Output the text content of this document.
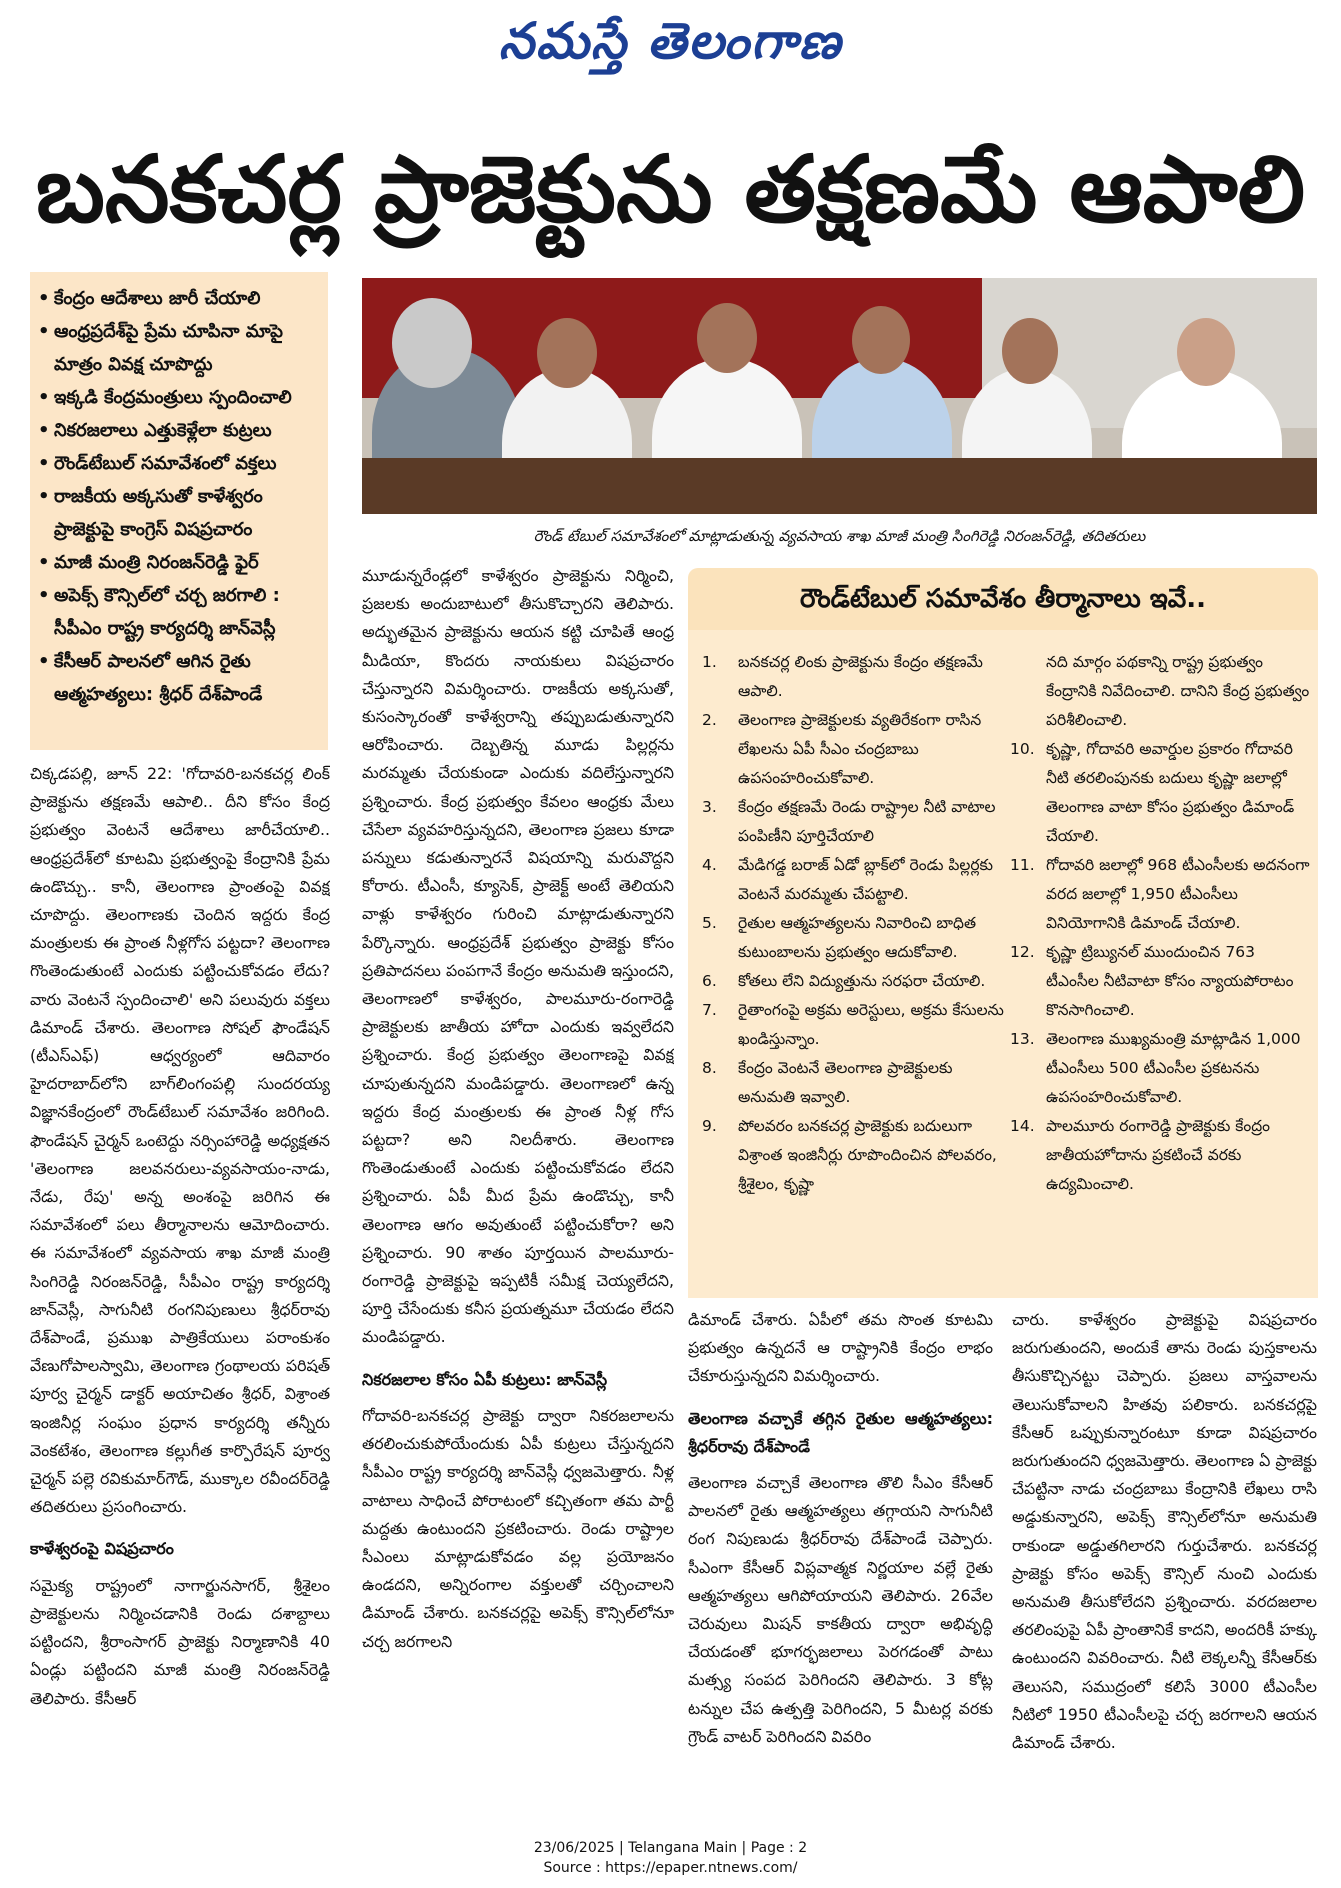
నమస్తే తెలంగాణ
బనకచర్ల ప్రాజెక్టును తక్షణమే ఆపాలి
• కేంద్రం ఆదేశాలు జారీ చేయాలి
• ఆంధ్రప్రదేశ్‌పై ప్రేమ చూపినా మాపై మాత్రం వివక్ష చూపొద్దు
• ఇక్కడి కేంద్రమంత్రులు స్పందించాలి
• నికరజలాలు ఎత్తుకెళ్లేలా కుట్రలు
• రౌండ్‌టేబుల్ సమావేశంలో వక్తలు
• రాజకీయ అక్కసుతో కాళేశ్వరం ప్రాజెక్టుపై కాంగ్రెస్ విషప్రచారం
• మాజీ మంత్రి నిరంజన్‌రెడ్డి ఫైర్
• అపెక్స్ కౌన్సిల్‌లో చర్చ జరగాలి : సీపీఎం రాష్ట్ర కార్యదర్శి జాన్‌వెస్లీ
• కేసీఆర్ పాలనలో ఆగిన రైతు ఆత్మహత్యలు: శ్రీధర్ దేశ్‌పాండే
రౌండ్ టేబుల్ సమావేశంలో మాట్లాడుతున్న వ్యవసాయ శాఖ మాజీ మంత్రి సింగిరెడ్డి నిరంజన్‌రెడ్డి, తదితరులు
రౌండ్‌టేబుల్ సమావేశం తీర్మానాలు ఇవే..
1.	బనకచర్ల లింకు ప్రాజెక్టును కేంద్రం తక్షణమే ఆపాలి.
2.	తెలంగాణ ప్రాజెక్టులకు వ్యతిరేకంగా రాసిన లేఖలను ఏపీ సీఎం చంద్రబాబు ఉపసంహరించుకోవాలి.
3.	కేంద్రం తక్షణమే రెండు రాష్ట్రాల నీటి వాటాల పంపిణీని పూర్తిచేయాలి
4.	మేడిగడ్డ బరాజ్ ఏడో బ్లాక్‌లో రెండు పిల్లర్లకు వెంటనే మరమ్మతు చేపట్టాలి.
5.	రైతుల ఆత్మహత్యలను నివారించి బాధిత కుటుంబాలను ప్రభుత్వం ఆదుకోవాలి.
6.	కోతలు లేని విద్యుత్తును సరఫరా చేయాలి.
7.	రైతాంగంపై అక్రమ అరెస్టులు, అక్రమ కేసులను ఖండిస్తున్నాం.
8.	కేంద్రం వెంటనే తెలంగాణ ప్రాజెక్టులకు అనుమతి ఇవ్వాలి.
9.	పోలవరం బనకచర్ల ప్రాజెక్టుకు బదులుగా విశ్రాంత ఇంజినీర్లు రూపొందించిన పోలవరం, శ్రీశైలం, కృష్ణా
నది మార్గం పథకాన్ని రాష్ట్ర ప్రభుత్వం కేంద్రానికి నివేదించాలి. దానిని కేంద్ర ప్రభుత్వం పరిశీలించాలి.
10. కృష్ణా, గోదావరి అవార్డుల ప్రకారం గోదావరి నీటి తరలింపునకు బదులు కృష్ణా జలాల్లో తెలంగాణ వాటా కోసం ప్రభుత్వం డిమాండ్ చేయాలి.
11. గోదావరి జలాల్లో 968 టీఎంసీలకు అదనంగా వరద జలాల్లో 1,950 టీఎంసీలు వినియోగానికి డిమాండ్ చేయాలి.
12. కృష్ణా ట్రిబ్యునల్ ముందుంచిన 763 టీఎంసీల నీటివాటా కోసం న్యాయపోరాటం కొనసాగించాలి.
13. తెలంగాణ ముఖ్యమంత్రి మాట్లాడిన 1,000 టీఎంసీలు 500 టీఎంసీల ప్రకటనను ఉపసంహరించుకోవాలి.
14. పాలమూరు రంగారెడ్డి ప్రాజెక్టుకు కేంద్రం జాతీయహోదాను ప్రకటించే వరకు ఉద్యమించాలి.

చిక్కడపల్లి, జూన్ 22: 'గోదావరి-బనకచర్ల లింక్ ప్రాజెక్టును తక్షణమే ఆపాలి.. దీని కోసం కేంద్ర ప్రభుత్వం వెంటనే ఆదేశాలు జారీచేయాలి.. ఆంధ్రప్రదేశ్‌లో కూటమి ప్రభుత్వంపై కేంద్రానికి ప్రేమ ఉండొచ్చు.. కానీ, తెలంగాణ ప్రాంతంపై వివక్ష చూపొద్దు. తెలంగాణకు చెందిన ఇద్దరు కేంద్ర మంత్రులకు ఈ ప్రాంత నీళ్లగోస పట్టదా? తెలంగాణ గొంతెండుతుంటే ఎందుకు పట్టించుకోవడం లేదు? వారు వెంటనే స్పందించాలి' అని పలువురు వక్తలు డిమాండ్ చేశారు. తెలంగాణ సోషల్ ఫౌండేషన్ (టీఎస్‌ఎఫ్) ఆధ్వర్యంలో ఆదివారం హైదరాబాద్‌లోని బాగ్‌లింగంపల్లి సుందరయ్య విజ్ఞానకేంద్రంలో రౌండ్‌టేబుల్ సమావేశం జరిగింది. ఫౌండేషన్ చైర్మన్ ఒంటెద్దు నర్సింహారెడ్డి అధ్యక్షతన 'తెలంగాణ జలవనరులు-వ్యవసాయం-నాడు, నేడు, రేపు' అన్న అంశంపై జరిగిన ఈ సమావేశంలో పలు తీర్మానాలను ఆమోదించారు. ఈ సమావేశంలో వ్యవసాయ శాఖ మాజీ మంత్రి సింగిరెడ్డి నిరంజన్‌రెడ్డి, సీపీఎం రాష్ట్ర కార్యదర్శి జాన్‌వెస్లీ, సాగునీటి రంగనిపుణులు శ్రీధర్‌రావు దేశ్‌పాండే, ప్రముఖ పాత్రికేయులు పరాంకుశం వేణుగోపాలస్వామి, తెలంగాణ గ్రంథాలయ పరిషత్ పూర్వ చైర్మన్ డాక్టర్ అయాచితం శ్రీధర్, విశ్రాంత ఇంజినీర్ల సంఘం ప్రధాన కార్యదర్శి తన్నీరు వెంకటేశం, తెలంగాణ కల్లుగీత కార్పొరేషన్ పూర్వ చైర్మన్ పల్లె రవికుమార్‌గౌడ్, ముక్కాల రవీందర్‌రెడ్డి తదితరులు ప్రసంగించారు.

కాళేశ్వరంపై విషప్రచారం

సమైక్య రాష్ట్రంలో నాగార్జునసాగర్, శ్రీశైలం ప్రాజెక్టులను నిర్మించడానికి రెండు దశాబ్దాలు పట్టిందని, శ్రీరాంసాగర్ ప్రాజెక్టు నిర్మాణానికి 40 ఏండ్లు పట్టిందని మాజీ మంత్రి నిరంజన్‌రెడ్డి తెలిపారు. కేసీఆర్

మూడున్నరేండ్లలో కాళేశ్వరం ప్రాజెక్టును నిర్మించి, ప్రజలకు అందుబాటులో తీసుకొచ్చారని తెలిపారు. అద్భుతమైన ప్రాజెక్టును ఆయన కట్టి చూపితే ఆంధ్ర మీడియా, కొందరు నాయకులు విషప్రచారం చేస్తున్నారని విమర్శించారు. రాజకీయ అక్కసుతో, కుసంస్కారంతో కాళేశ్వరాన్ని తప్పుబడుతున్నారని ఆరోపించారు. దెబ్బతిన్న మూడు పిల్లర్లను మరమ్మతు చేయకుండా ఎందుకు వదిలేస్తున్నారని ప్రశ్నించారు. కేంద్ర ప్రభుత్వం కేవలం ఆంధ్రకు మేలు చేసేలా వ్యవహరిస్తున్నదని, తెలంగాణ ప్రజలు కూడా పన్నులు కడుతున్నారనే విషయాన్ని మరువొద్దని కోరారు. టీఎంసీ, క్యూసెక్, ప్రాజెక్ట్ అంటే తెలియని వాళ్లు కాళేశ్వరం గురించి మాట్లాడుతున్నారని పేర్కొన్నారు. ఆంధ్రప్రదేశ్ ప్రభుత్వం ప్రాజెక్టు కోసం ప్రతిపాదనలు పంపగానే కేంద్రం అనుమతి ఇస్తుందని, తెలంగాణలో కాళేశ్వరం, పాలమూరు-రంగారెడ్డి ప్రాజెక్టులకు జాతీయ హోదా ఎందుకు ఇవ్వలేదని ప్రశ్నించారు. కేంద్ర ప్రభుత్వం తెలంగాణపై వివక్ష చూపుతున్నదని మండిపడ్డారు. తెలంగాణలో ఉన్న ఇద్దరు కేంద్ర మంత్రులకు ఈ ప్రాంత నీళ్ల గోస పట్టదా? అని నిలదీశారు. తెలంగాణ గొంతెండుతుంటే ఎందుకు పట్టించుకోవడం లేదని ప్రశ్నించారు. ఏపీ మీద ప్రేమ ఉండొచ్చు, కానీ తెలంగాణ ఆగం అవుతుంటే పట్టించుకోరా? అని ప్రశ్నించారు. 90 శాతం పూర్తయిన పాలమూరు-రంగారెడ్డి ప్రాజెక్టుపై ఇప్పటికీ సమీక్ష చెయ్యలేదని, పూర్తి చేసేందుకు కనీస ప్రయత్నమూ చేయడం లేదని మండిపడ్డారు.

నికరజలాల కోసం ఏపీ కుట్రలు: జాన్‌వెస్లీ

గోదావరి-బనకచర్ల ప్రాజెక్టు ద్వారా నికరజలాలను తరలించుకుపోయేందుకు ఏపీ కుట్రలు చేస్తున్నదని సీపీఎం రాష్ట్ర కార్యదర్శి జాన్‌వెస్లీ ధ్వజమెత్తారు. నీళ్ల వాటాలు సాధించే పోరాటంలో కచ్చితంగా తమ పార్టీ మద్దతు ఉంటుందని ప్రకటించారు. రెండు రాష్ట్రాల సీఎంలు మాట్లాడుకోవడం వల్ల ప్రయోజనం ఉండదని, అన్నిరంగాల వక్తులతో చర్చించాలని డిమాండ్ చేశారు. బనకచర్లపై అపెక్స్ కౌన్సిల్‌లోనూ చర్చ జరగాలని

డిమాండ్ చేశారు. ఏపీలో తమ సొంత కూటమి ప్రభుత్వం ఉన్నదనే ఆ రాష్ట్రానికి కేంద్రం లాభం చేకూరుస్తున్నదని విమర్శించారు.

తెలంగాణ వచ్చాకే తగ్గిన రైతుల ఆత్మహత్యలు: శ్రీధర్‌రావు దేశ్‌పాండే

తెలంగాణ వచ్చాకే తెలంగాణ తొలి సీఎం కేసీఆర్ పాలనలో రైతు ఆత్మహత్యలు తగ్గాయని సాగునీటి రంగ నిపుణుడు శ్రీధర్‌రావు దేశ్‌పాండే చెప్పారు. సీఎంగా కేసీఆర్ విప్లవాత్మక నిర్ణయాల వల్లే రైతు ఆత్మహత్యలు ఆగిపోయాయని తెలిపారు. 26వేల చెరువులు మిషన్ కాకతీయ ద్వారా అభివృద్ధి చేయడంతో భూగర్భజలాలు పెరగడంతో పాటు మత్స్య సంపద పెరిగిందని తెలిపారు. 3 కోట్ల టన్నుల చేప ఉత్పత్తి పెరిగిందని, 5 మీటర్ల వరకు గ్రౌండ్ వాటర్ పెరిగిందని వివరిం

చారు. కాళేశ్వరం ప్రాజెక్టుపై విషప్రచారం జరుగుతుందని, అందుకే తాను రెండు పుస్తకాలను తీసుకొచ్చినట్టు చెప్పారు. ప్రజలు వాస్తవాలను తెలుసుకోవాలని హితవు పలికారు. బనకచర్లపై కేసీఆర్ ఒప్పుకున్నారంటూ కూడా విషప్రచారం జరుగుతుందని ధ్వజమెత్తారు. తెలంగాణ ఏ ప్రాజెక్టు చేపట్టినా నాడు చంద్రబాబు కేంద్రానికి లేఖలు రాసి అడ్డుకున్నారని, అపెక్స్ కౌన్సిల్‌లోనూ అనుమతి రాకుండా అడ్డుతగిలారని గుర్తుచేశారు. బనకచర్ల ప్రాజెక్టు కోసం అపెక్స్ కౌన్సిల్ నుంచి ఎందుకు అనుమతి తీసుకోలేదని ప్రశ్నించారు. వరదజలాల తరలింపుపై ఏపీ ప్రాంతానికే కాదని, అందరికీ హక్కు ఉంటుందని వివరించారు. నీటి లెక్కలన్నీ కేసీఆర్‌కు తెలుసని, సముద్రంలో కలిసే 3000 టీఎంసీల నీటిలో 1950 టీఎంసీలపై చర్చ జరగాలని ఆయన డిమాండ్ చేశారు.

23/06/2025 | Telangana Main | Page : 2
Source : https://epaper.ntnews.com/
